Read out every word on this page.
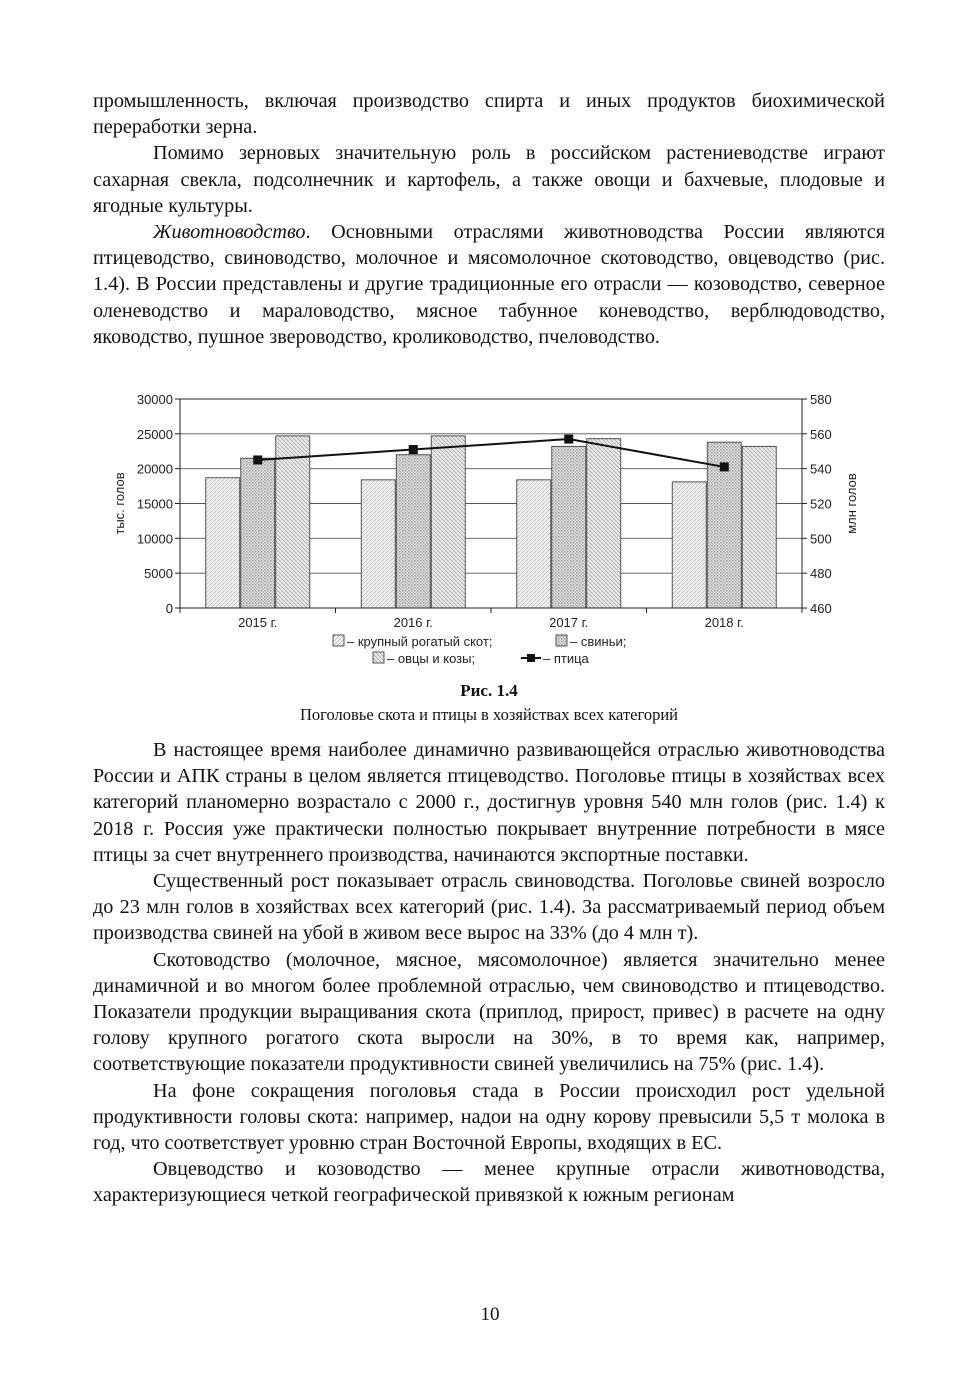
промышленность, включая производство спирта и иных продуктов биохимической переработки зерна.

Помимо зерновых значительную роль в российском растениеводстве играют сахарная свекла, подсолнечник и картофель, а также овощи и бахчевые, плодовые и ягодные культуры.

Животноводство. Основными отраслями животноводства России являются птицеводство, свиноводство, молочное и мясомолочное скотоводство, овцеводство (рис. 1.4). В России представлены и другие традиционные его отрасли — козоводство, северное оленеводство и мараловодство, мясное табунное коневодство, верблюдоводство, яководство, пушное звероводство, кролиководство, пчеловодство.

0	460
5000	480
10000	500
15000	520
20000	540
25000	560
30000	580
2015 г.	2016 г.	2017 г.	2018 г.
тыс. голов	млн голов
– крупный рогатый скот;	– свиньи;
– овцы и козы;	– птица
Рис. 1.4
Поголовье скота и птицы в хозяйствах всех категорий

В настоящее время наиболее динамично развивающейся отраслью животноводства России и АПК страны в целом является птицеводство. Поголовье птицы в хозяйствах всех категорий планомерно возрастало с 2000 г., достигнув уровня 540 млн голов (рис. 1.4) к 2018 г. Россия уже практически полностью покрывает внутренние потребности в мясе птицы за счет внутреннего производства, начинаются экспортные поставки.

Существенный рост показывает отрасль свиноводства. Поголовье свиней возросло до 23 млн голов в хозяйствах всех категорий (рис. 1.4). За рассматриваемый период объем производства свиней на убой в живом весе вырос на 33% (до 4 млн т).

Скотоводство (молочное, мясное, мясомолочное) является значительно менее динамичной и во многом более проблемной отраслью, чем свиноводство и птицеводство. Показатели продукции выращивания скота (приплод, прирост, привес) в расчете на одну голову крупного рогатого скота выросли на 30%, в то время как, например, соответствующие показатели продуктивности свиней увеличились на 75% (рис. 1.4).

На фоне сокращения поголовья стада в России происходил рост удельной продуктивности головы скота: например, надои на одну корову превысили 5,5 т молока в год, что соответствует уровню стран Восточной Европы, входящих в ЕС.

Овцеводство и козоводство — менее крупные отрасли животноводства, характеризующиеся четкой географической привязкой к южным регионам

10
